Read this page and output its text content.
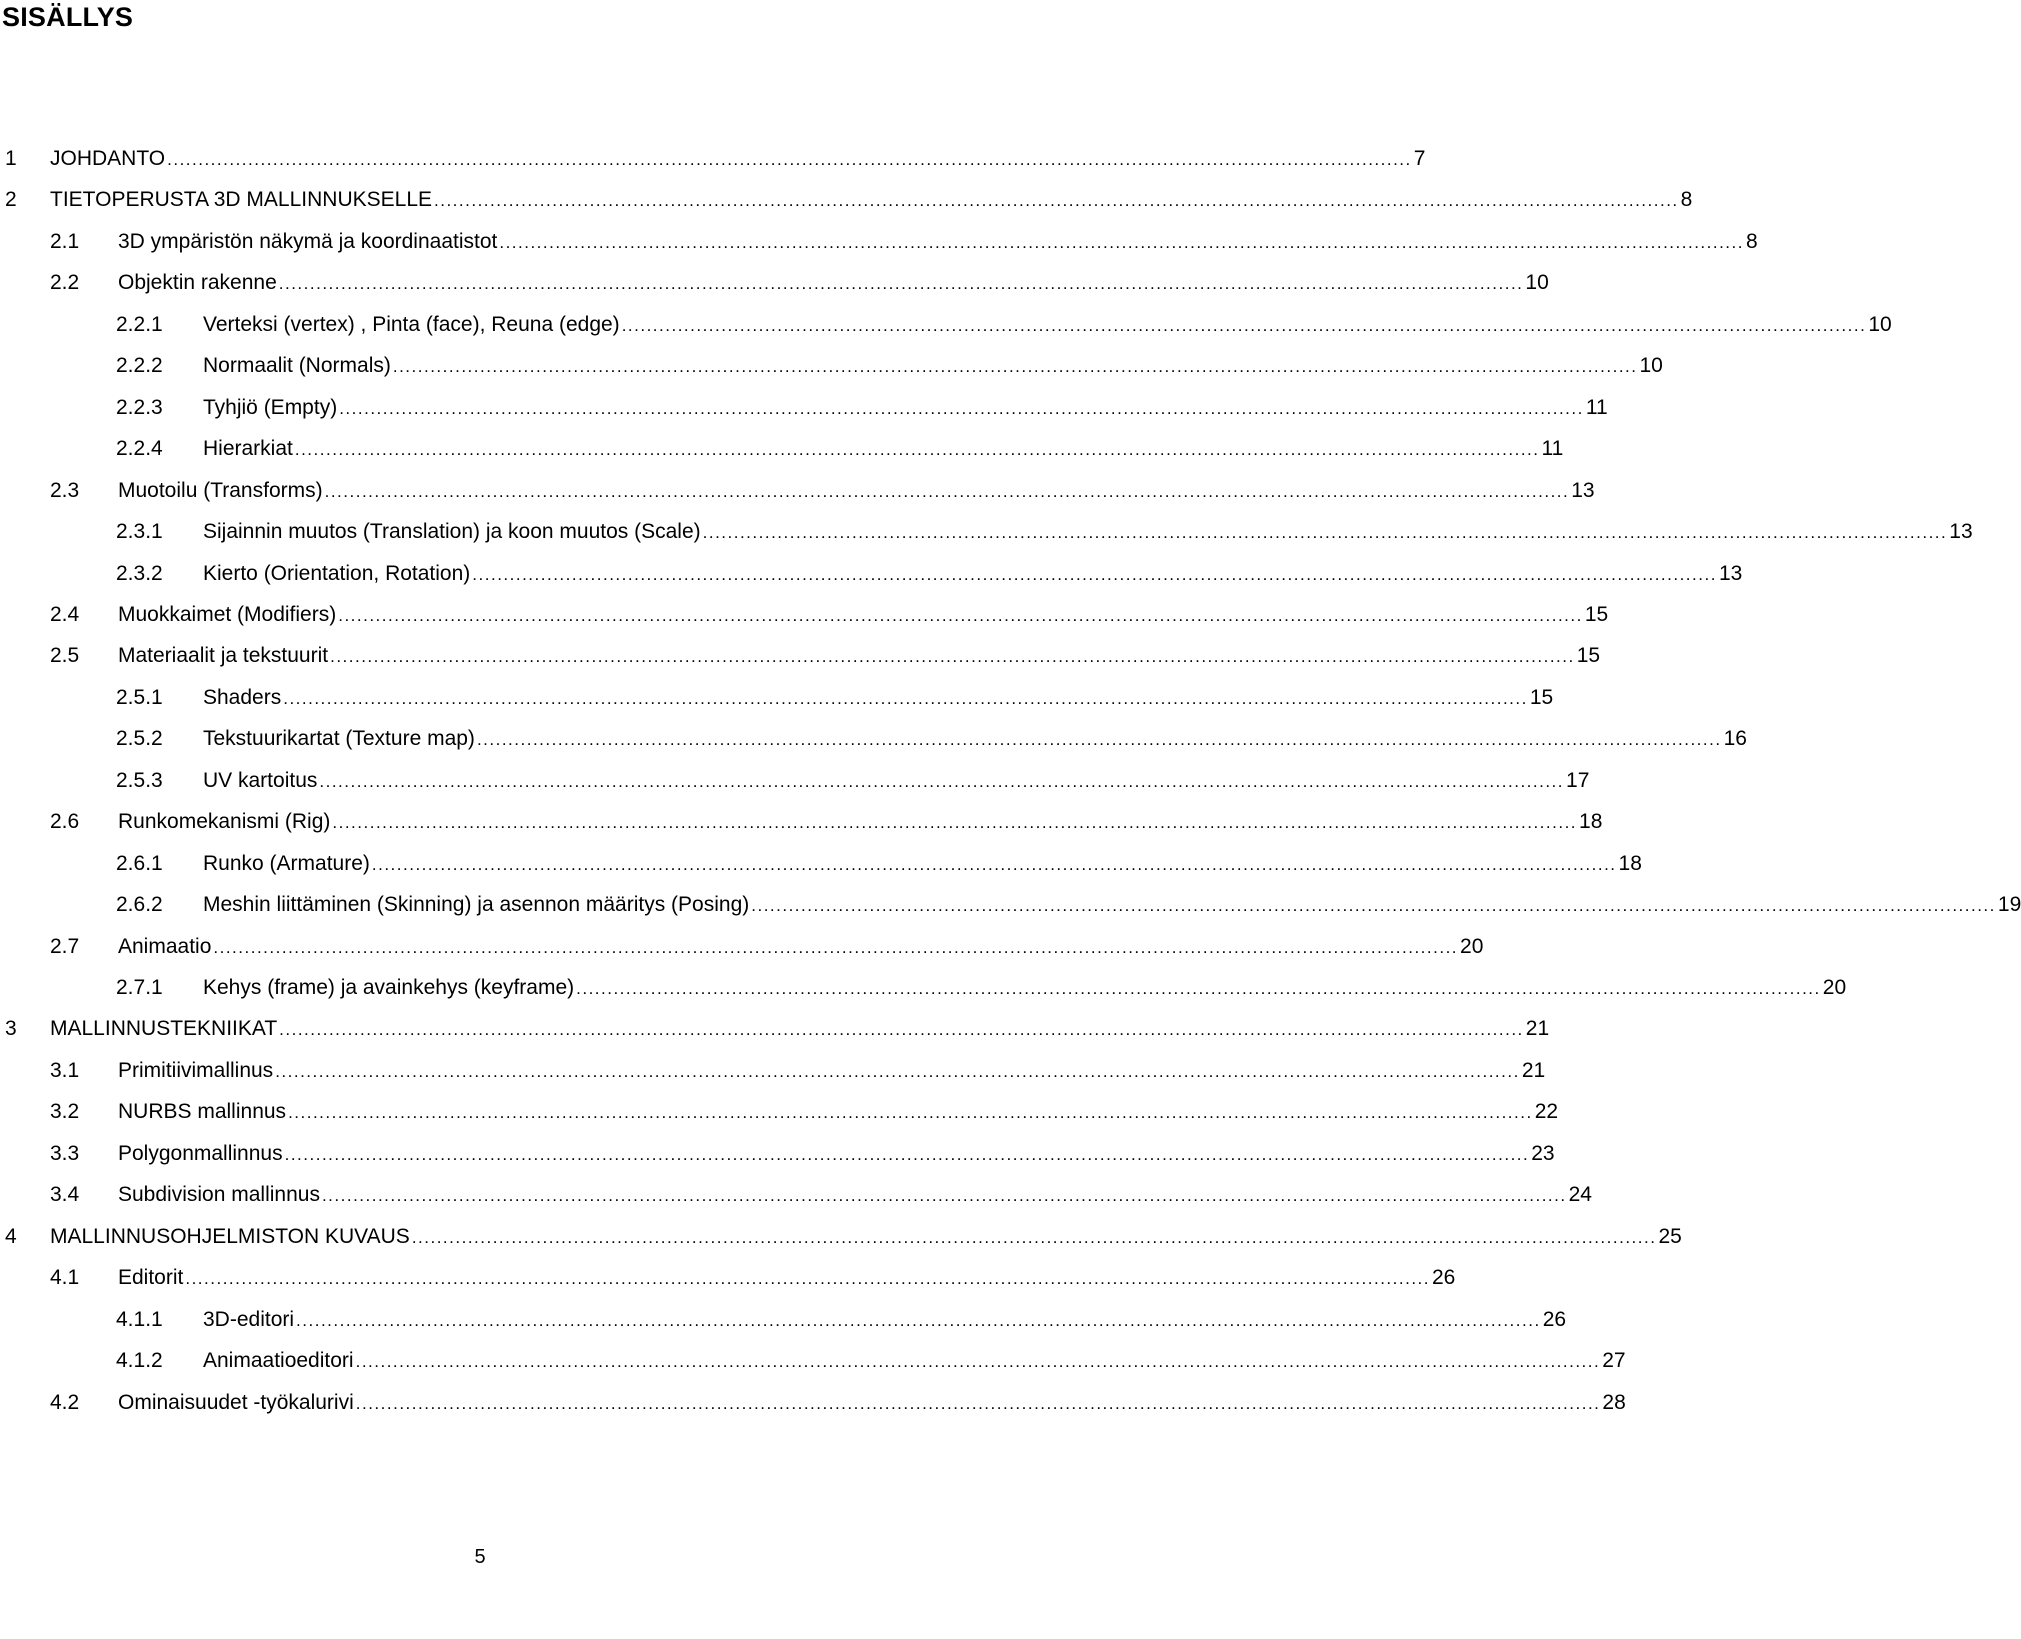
SISÄLLYS
1 JOHDANTO ........................................................................................................................................................................................................ 7
2 TIETOPERUSTA 3D MALLINNUKSELLE ........................................................................................................................................................................................................ 8
2.1 3D ympäristön näkymä ja koordinaatistot ........................................................................................................................................................................................................ 8
2.2 Objektin rakenne ........................................................................................................................................................................................................ 10
2.2.1 Verteksi (vertex) , Pinta (face), Reuna (edge) ........................................................................................................................................................................................................ 10
2.2.2 Normaalit (Normals) ........................................................................................................................................................................................................ 10
2.2.3 Tyhjiö (Empty) ........................................................................................................................................................................................................ 11
2.2.4 Hierarkiat ........................................................................................................................................................................................................ 11
2.3 Muotoilu (Transforms) ........................................................................................................................................................................................................ 13
2.3.1 Sijainnin muutos (Translation) ja koon muutos (Scale) ........................................................................................................................................................................................................ 13
2.3.2 Kierto (Orientation, Rotation) ........................................................................................................................................................................................................ 13
2.4 Muokkaimet (Modifiers) ........................................................................................................................................................................................................ 15
2.5 Materiaalit ja tekstuurit ........................................................................................................................................................................................................ 15
2.5.1 Shaders ........................................................................................................................................................................................................ 15
2.5.2 Tekstuurikartat (Texture map) ........................................................................................................................................................................................................ 16
2.5.3 UV kartoitus ........................................................................................................................................................................................................ 17
2.6 Runkomekanismi (Rig) ........................................................................................................................................................................................................ 18
2.6.1 Runko (Armature) ........................................................................................................................................................................................................ 18
2.6.2 Meshin liittäminen (Skinning) ja asennon määritys (Posing) ........................................................................................................................................................................................................ 19
2.7 Animaatio ........................................................................................................................................................................................................ 20
2.7.1 Kehys (frame) ja avainkehys (keyframe) ........................................................................................................................................................................................................ 20
3 MALLINNUSTEKNIIKAT ........................................................................................................................................................................................................ 21
3.1 Primitiivimallinus ........................................................................................................................................................................................................ 21
3.2 NURBS mallinnus ........................................................................................................................................................................................................ 22
3.3 Polygonmallinnus ........................................................................................................................................................................................................ 23
3.4 Subdivision mallinnus ........................................................................................................................................................................................................ 24
4 MALLINNUSOHJELMISTON KUVAUS ........................................................................................................................................................................................................ 25
4.1 Editorit ........................................................................................................................................................................................................ 26
4.1.1 3D-editori ........................................................................................................................................................................................................ 26
4.1.2 Animaatioeditori ........................................................................................................................................................................................................ 27
4.2 Ominaisuudet -työkalurivi ........................................................................................................................................................................................................ 28
5
